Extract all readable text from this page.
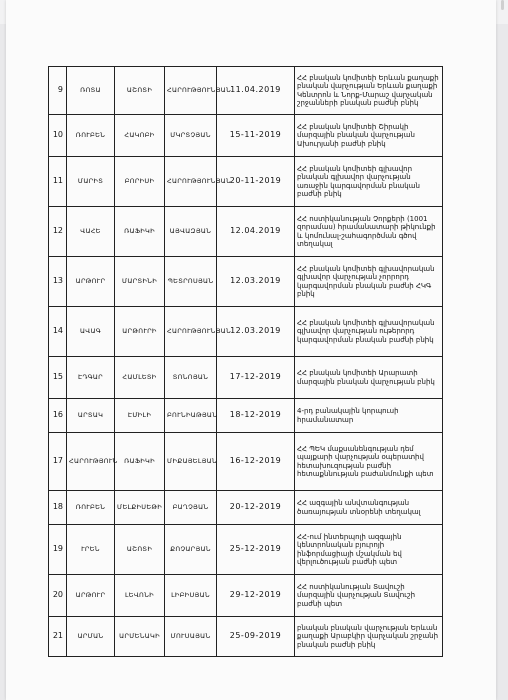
9	ՌՈՏԱ	ԱՇՈՏԻ	ՀԱՐՈՒԹՅՈՒՆՅԱՆ	11.04.2019	ՀՀ բնական կոմիտեի Երևան քաղաքի բնական վարչության Երևան քաղաքի Կենտրոն և Նորք-Մարաշ վարչական շրջանների բնական բաժնի բնիկ
10	ՌՈՒԲԵՆ	ՀԱԿՈԲԻ	ՄԿՐՏՉՅԱՆ	15-11-2019	ՀՀ բնական կոմիտեի Շիրակի մարզային բնական վարչության Ախուրյանի բաժնի բնիկ
11	ՄԱՐԻՏ	ԲՈՐԻՍԻ	ՀԱՐՈՒԹՅՈՒՆՅԱՆ	20-11-2019	ՀՀ բնական կոմիտեի գլխավոր բնական գլխավոր վարչության առաջին կարգավորման բնական բաժնի բնիկ
12	ՎԱՀԵ	ՌԱՖԻԿԻ	ԱՅՎԱԶՅԱՆ	12.04.2019	ՀՀ ոստիկանության Չորքերի (1001 զորամաս) հրամանատարի թիկունքի և կոմունալ-շահագործման գծով տեղակալ
13	ԱՐԹՈՒՐ	ՄԱՐՏԻՆԻ	ՊԵՏՐՈՍՅԱՆ	12.03.2019	ՀՀ բնական կոմիտեի գլխավորական գլխավոր վարչության չորրորդ կարգավորման բնական բաժնի ՀԿԳ բնիկ
14	ԱՎԱԳ	ԱՐԹՈՒՐԻ	ՀԱՐՈՒԹՅՈՒՆՅԱՆ	12.03.2019	ՀՀ բնական կոմիտեի գլխավորական գլխավոր վարչության ութերորդ կարգավորման բնական բաժնի բնիկ
15	ԷԴԳԱՐ	ՀԱՄԼԵՏԻ	ՏՈՆՈՅԱՆ	17-12-2019	ՀՀ բնական կոմիտեի Արարատի մարզային բնական վարչության բնիկ
16	ԱՐՏԱԿ	ԷՄԻԼԻ	ԲՈՒՆԻԱԹՅԱՆ	18-12-2019	4-րդ բանակային կորպուսի հրամանատար
17	ՀԱՐՈՒԹՅՈՒՆ	ՌԱՖԻԿԻ	ՄԻՔԱՅԵԼՅԱՆ	16-12-2019	ՀՀ ՊԵԿ մաքսանենգության դեմ պայքարի վարչության օպերատիվ հետախուզության բաժնի հետաքննության բաժանմունքի պետ
18	ՌՈՒԲԵՆ	ՄԵԼՔԻՍԵԹԻ	ԲԱՂՉՅԱՆ	20-12-2019	ՀՀ ազգային անվտանգության ծառայության տնօրենի տեղակալ
19	ՒՐԵՆ	ԱՇՈՏԻ	ՔՈՉԱՐՅԱՆ	25-12-2019	ՀՀ-ում ինտերպոլի ազգային կենտրոնական բյուրոյի ինֆորմացիայի մշակման եվ վերլուծության բաժնի պետ
20	ԱՐԹՈՒՐ	ԼԵՎՈՆԻ	ԼԻԲԻՍՅԱՆ	29-12-2019	ՀՀ ոստիկանության Տավուշի մարզային վարչության Տավուշի բաժնի պետ
21	ԱՐՄԱՆ	ԱՐՄԵՆԱԿԻ	ՄՈՒՍԱՅԱՆ	25-09-2019	բնական բնական վարչության Երևան քաղաքի Արաբկիր վարչական շրջանի բնական բաժնի բնիկ
